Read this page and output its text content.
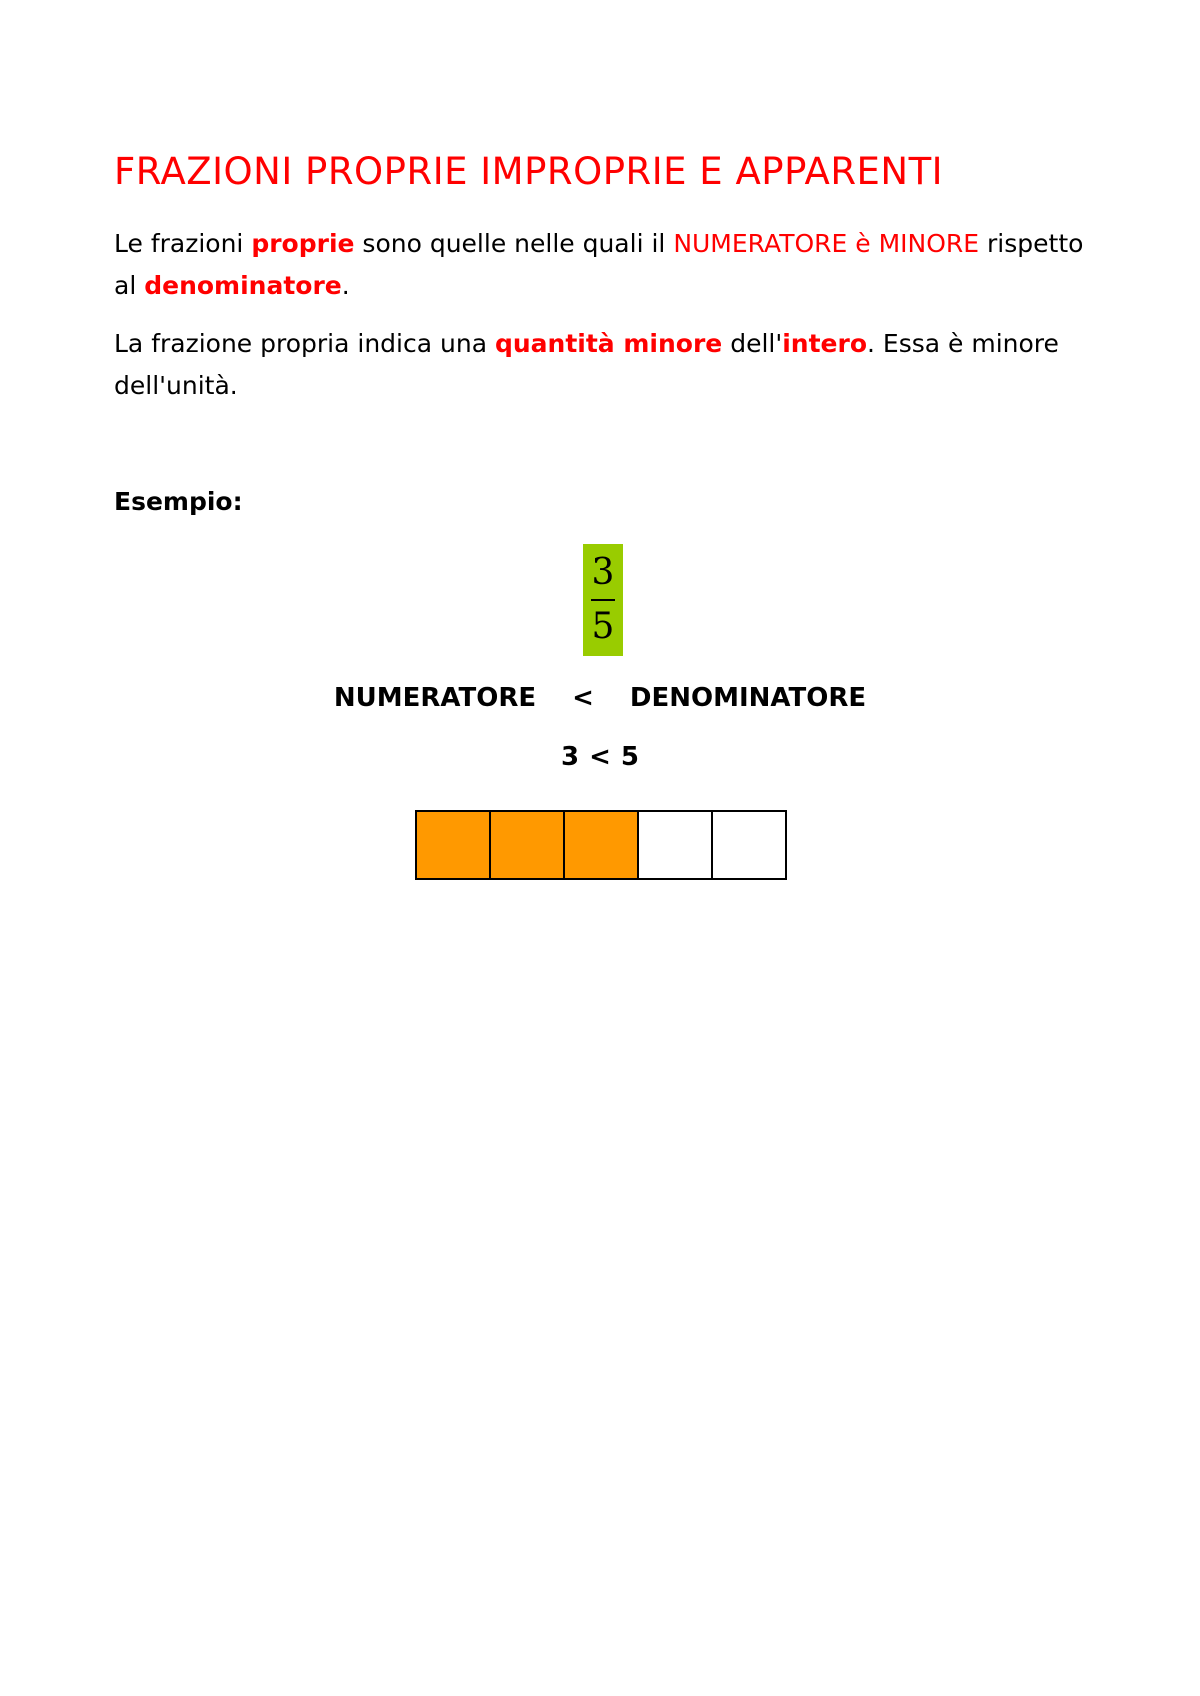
FRAZIONI PROPRIE IMPROPRIE E APPARENTI

Le frazioni proprie sono quelle nelle quali il NUMERATORE è MINORE rispetto al denominatore.

La frazione propria indica una quantità minore dell'intero. Essa è minore dell'unità.

Esempio:

3
5
NUMERATORE < DENOMINATORE
3 < 5
